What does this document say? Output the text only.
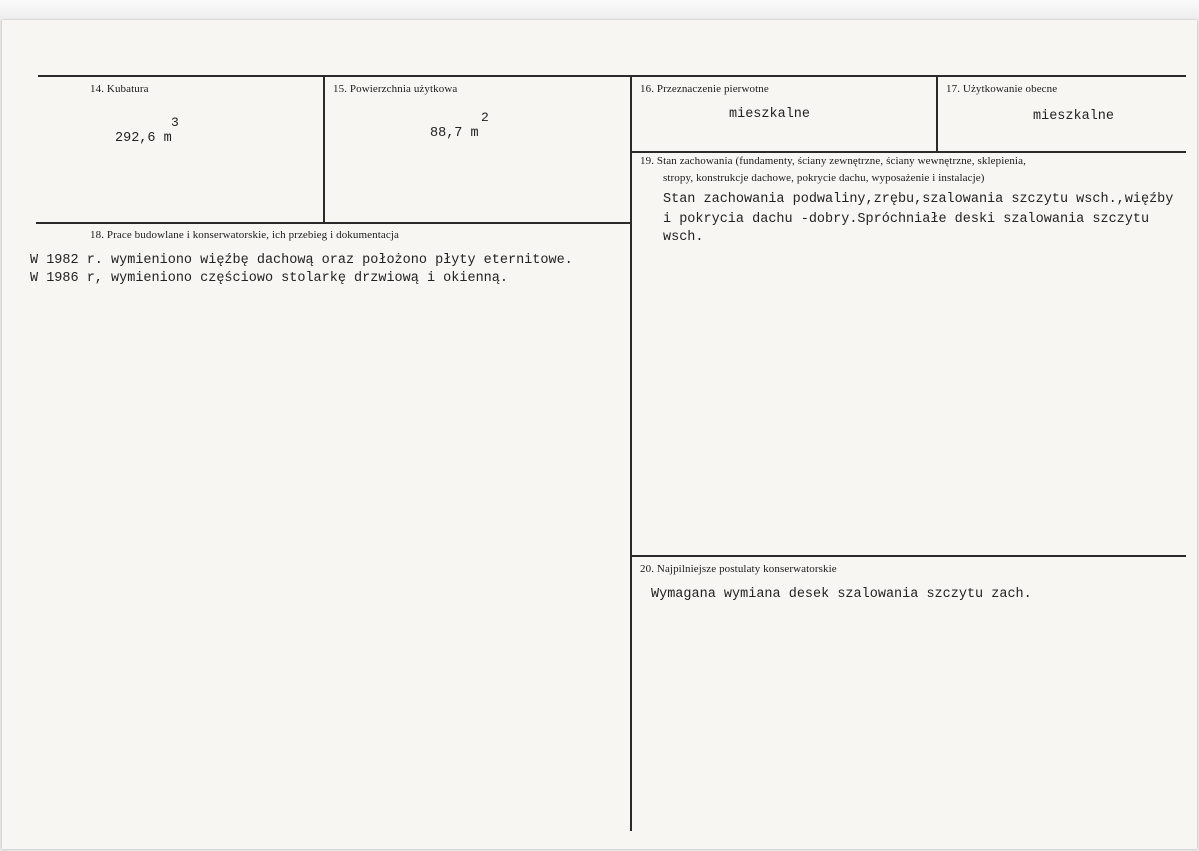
14. Kubatura
292,6 m
3
15. Powierzchnia użytkowa
88,7 m
2
16. Przeznaczenie pierwotne
mieszkalne
17. Użytkowanie obecne
mieszkalne
19. Stan zachowania (fundamenty, ściany zewnętrzne, ściany wewnętrzne, sklepienia,
stropy, konstrukcje dachowe, pokrycie dachu, wyposażenie i instalacje)
Stan zachowania podwaliny,zrębu,szalowania szczytu wsch.,więźby
i pokrycia dachu -dobry.Spróchniałe deski szalowania szczytu
wsch.
18. Prace budowlane i konserwatorskie, ich przebieg i dokumentacja
W 1982 r. wymieniono więźbę dachową oraz położono płyty eternitowe.
W 1986 r, wymieniono częściowo stolarkę drzwiową i okienną.
20. Najpilniejsze postulaty konserwatorskie
Wymagana wymiana desek szalowania szczytu zach.
